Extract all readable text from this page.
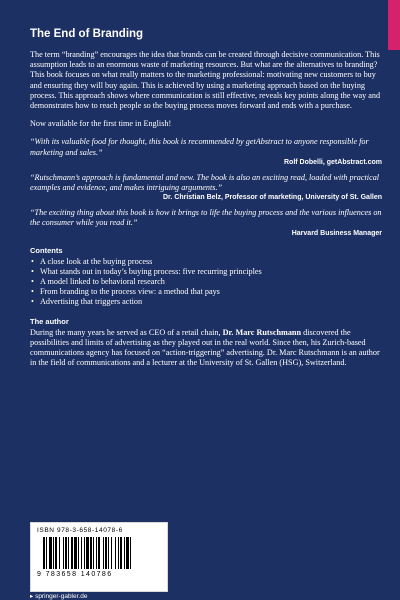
The End of Branding

The term “branding” encourages the idea that brands can be created through decisive communication. This assumption leads to an enormous waste of marketing resources. But what are the alternatives to branding? This book focuses on what really matters to the marketing professional: motivating new customers to buy and ensuring they will buy again. This is achieved by using a marketing approach based on the buying process. This approach shows where communication is still effective, reveals key points along the way and demonstrates how to reach people so the buying process moves forward and ends with a purchase.

Now available for the first time in English!

“With its valuable food for thought, this book is recommended by getAbstract to anyone responsible for marketing and sales.”
Rolf Dobelli, getAbstract.com
“Rutschmann’s approach is fundamental and new. The book is also an exciting read, loaded with practical examples and evidence, and makes intriguing arguments.”
Dr. Christian Belz, Professor of marketing, University of St. Gallen
“The exciting thing about this book is how it brings to life the buying process and the various influences on the consumer while you read it.”
Harvard Business Manager
Contents
• A close look at the buying process
• What stands out in today’s buying process: five recurring principles
• A model linked to behavioral research
• From branding to the process view: a method that pays
• Advertising that triggers action
The author

During the many years he served as CEO of a retail chain, Dr. Marc Rutschmann discovered the possibilities and limits of advertising as they played out in the real world. Since then, his Zurich-based communications agency has focused on “action-triggering” advertising. Dr. Marc Rutschmann is an author in the field of communications and a lecturer at the University of St. Gallen (HSG), Switzerland.

ISBN 978-3-658-14078-6
9 783658 140786
▸ springer-gabler.de
